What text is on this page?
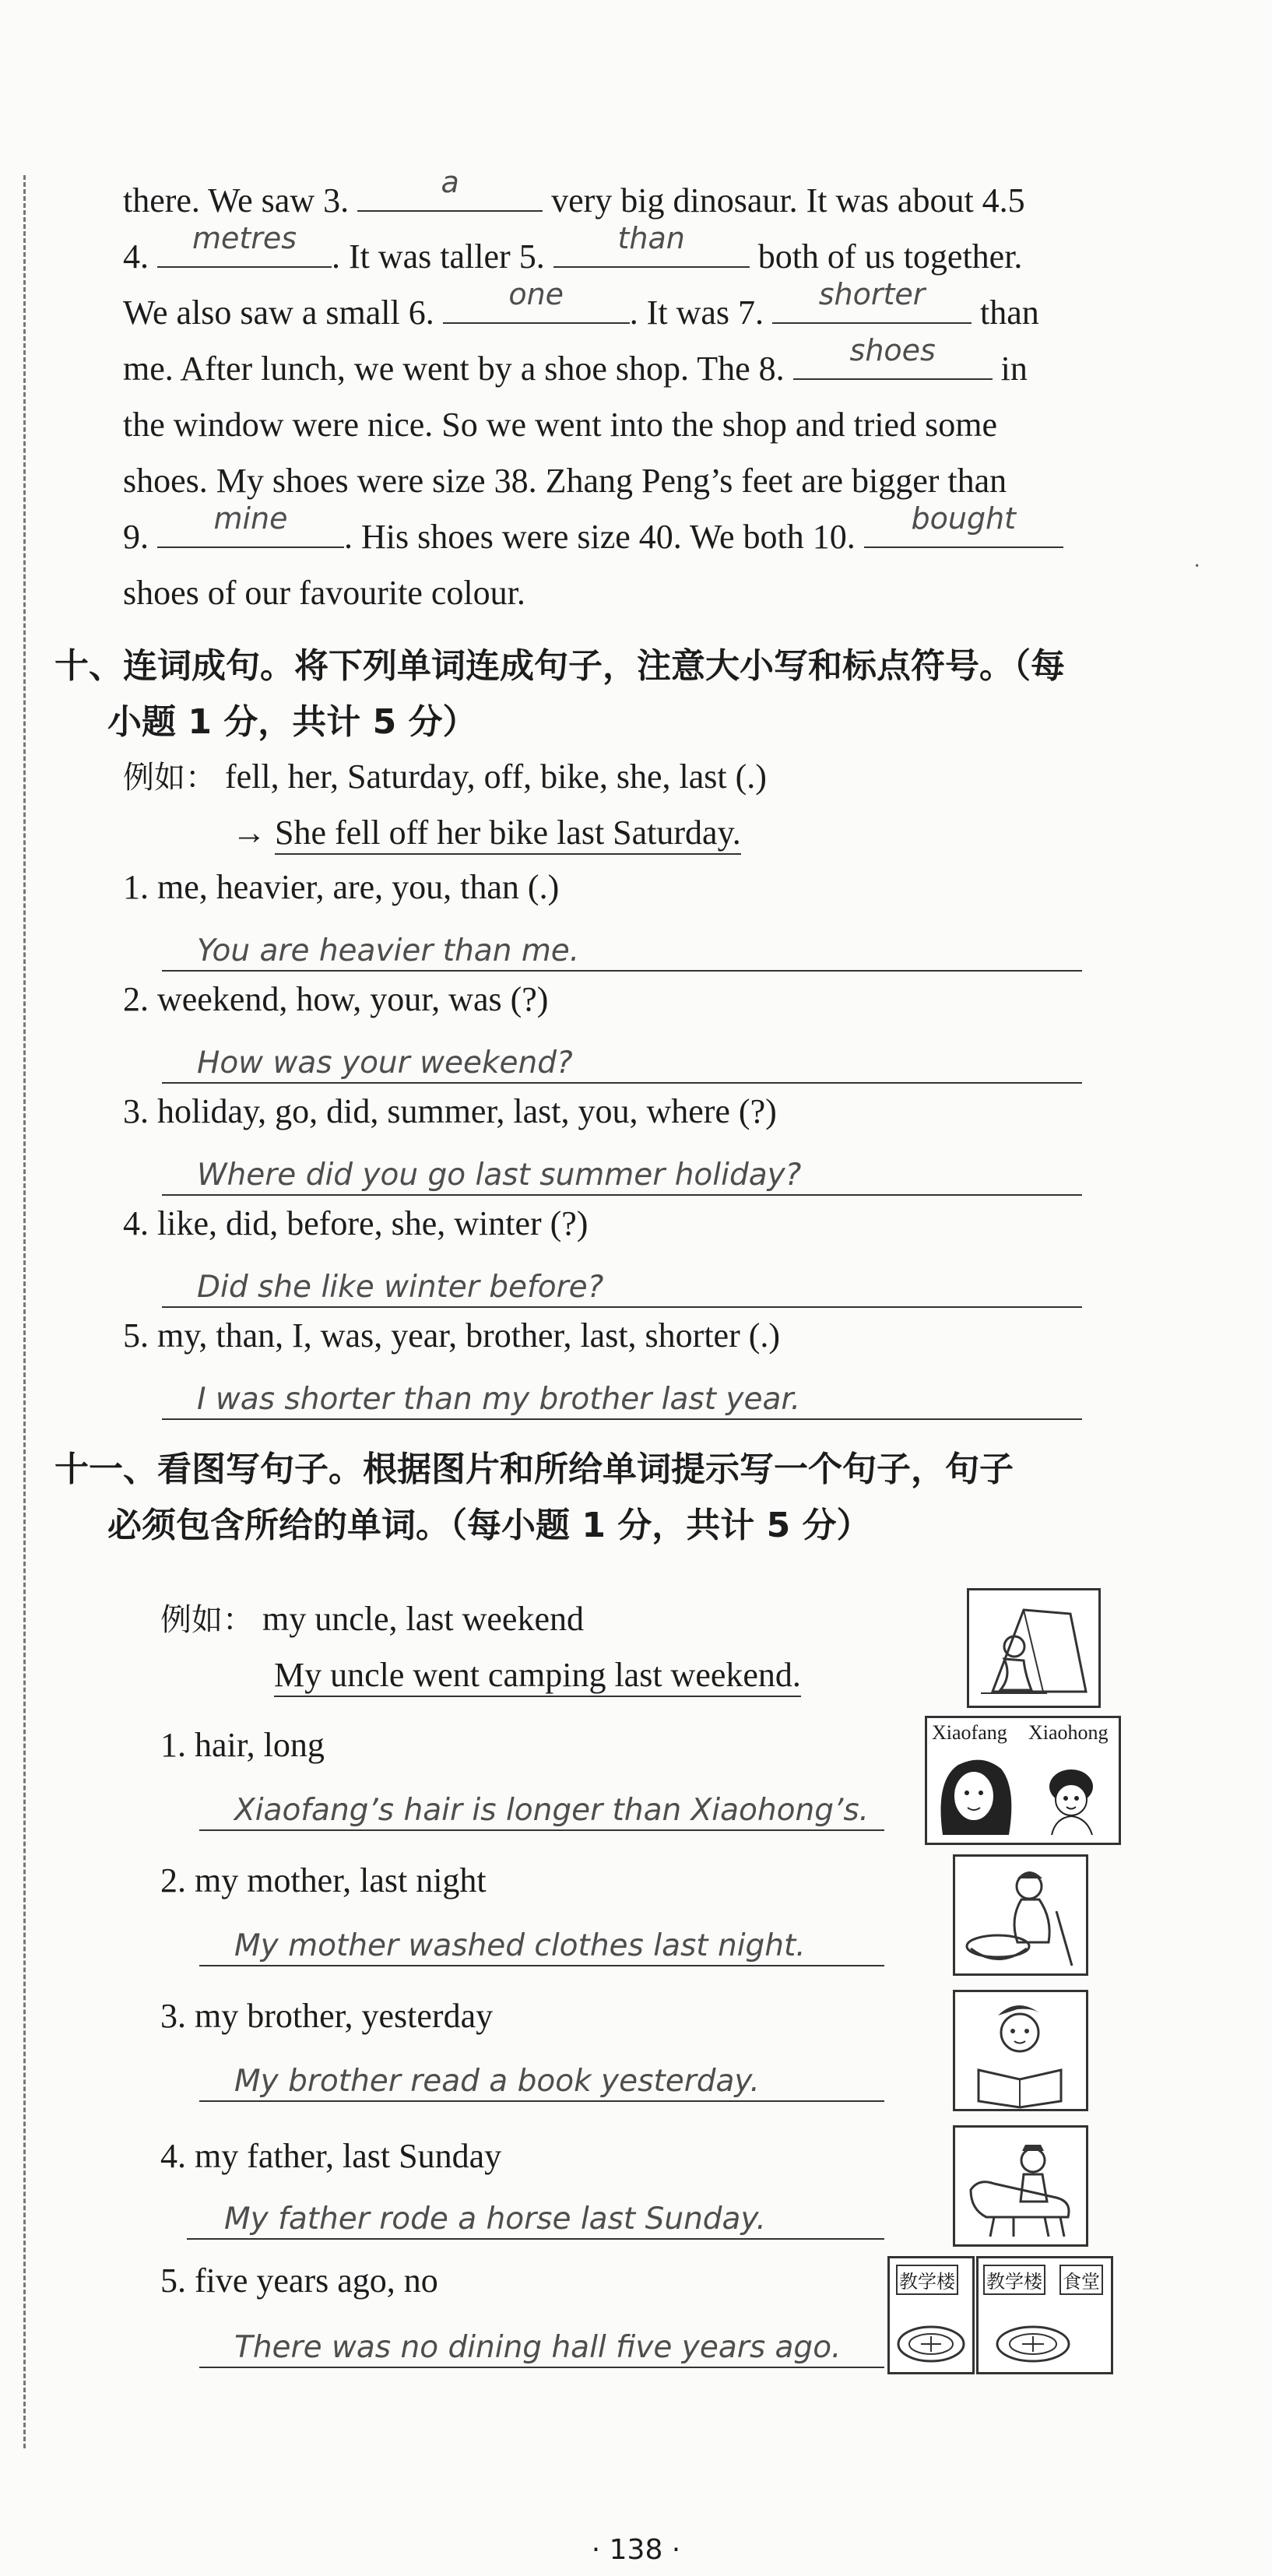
·
there. We saw 3.	a	very big dinosaur. It was about 4.5
4.	metres	. It was taller 5.	than	both of us together.
We also saw a small 6.	one	. It was 7.	shorter	than
me. After lunch, we went by a shoe shop. The 8.	shoes	in
the window were nice. So we went into the shop and tried some
shoes. My shoes were size 38. Zhang Peng’s feet are bigger than
9.	mine	. His shoes were size 40. We both 10.	bought
shoes of our favourite colour.
十、连词成句。将下列单词连成句子，注意大小写和标点符号。（每
小题 1 分，共计 5 分）
例如： fell, her, Saturday, off, bike, she, last (.)
→ She fell off her bike last Saturday.
1. me, heavier, are, you, than (.)
You are heavier than me.
2. weekend, how, your, was (?)
How was your weekend?
3. holiday, go, did, summer, last, you, where (?)
Where did you go last summer holiday?
4. like, did, before, she, winter (?)
Did she like winter before?
5. my, than, I, was, year, brother, last, shorter (.)
I was shorter than my brother last year.
十一、看图写句子。根据图片和所给单词提示写一个句子，句子
必须包含所给的单词。（每小题 1 分，共计 5 分）
例如： my uncle, last weekend
My uncle went camping last weekend.
1. hair, long
Xiaofang’s hair is longer than Xiaohong’s.
Xiaofang Xiaohong
2. my mother, last night
My mother washed clothes last night.
3. my brother, yesterday
My brother read a book yesterday.
4. my father, last Sunday
My father rode a horse last Sunday.
5. five years ago, no
There was no dining hall five years ago.
教学楼 教学楼 食堂
· 138 ·
